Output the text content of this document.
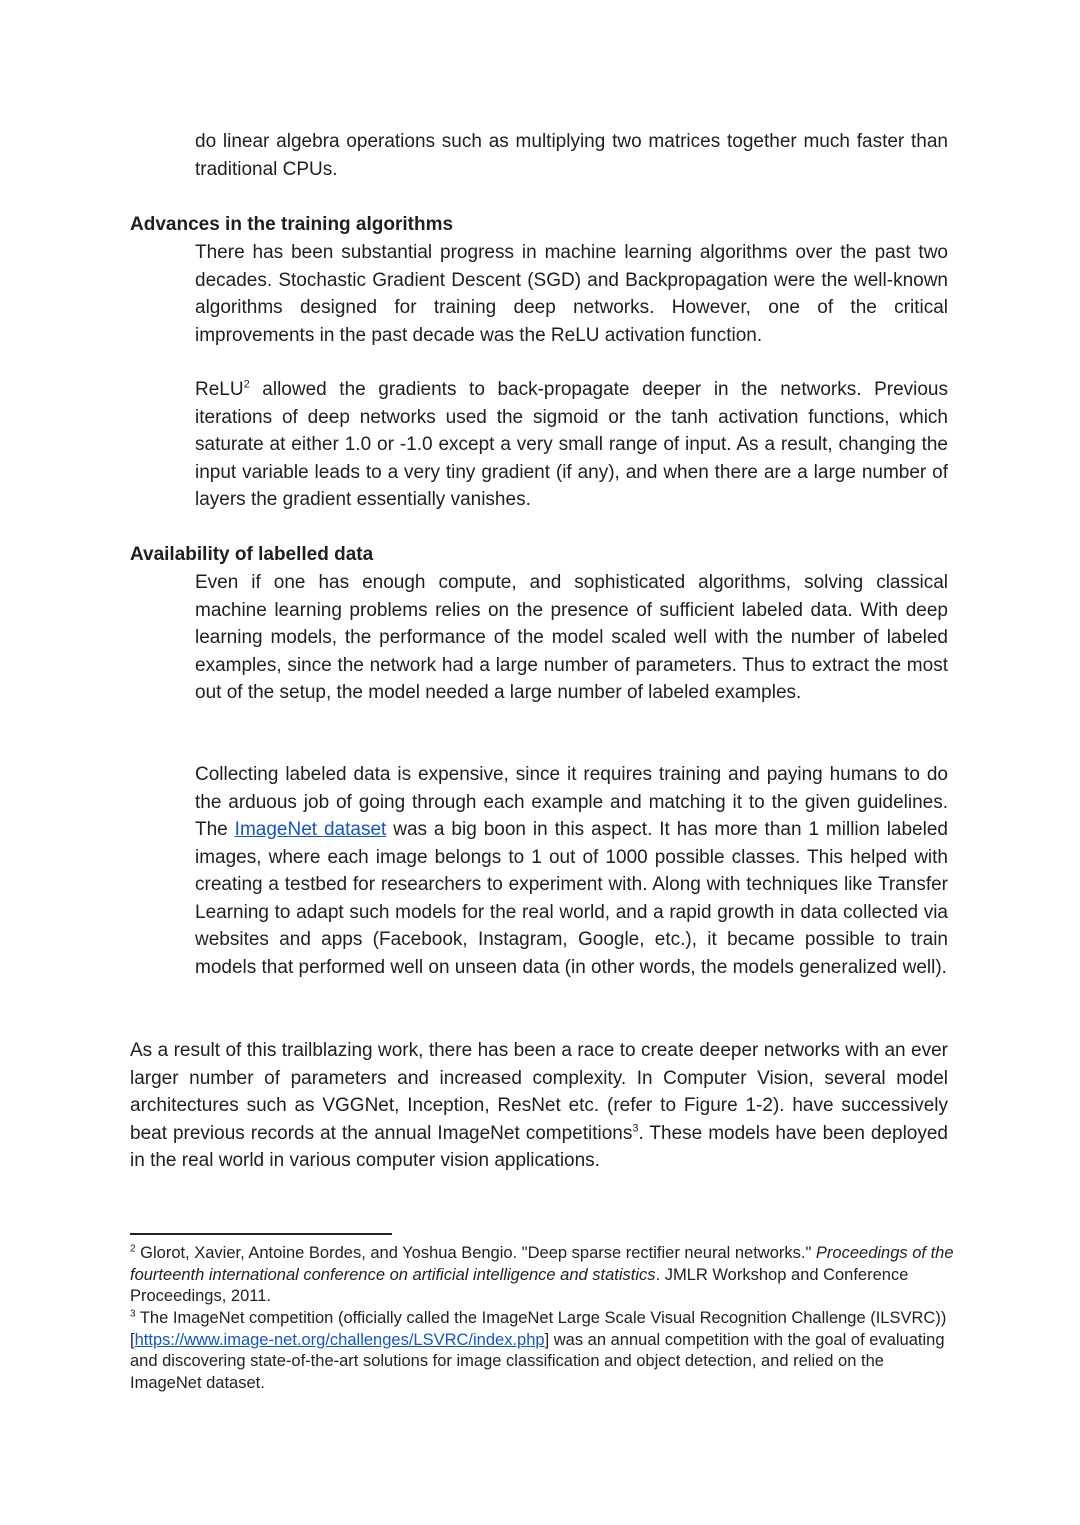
do linear algebra operations such as multiplying two matrices together much faster than traditional CPUs.

Advances in the training algorithms

There has been substantial progress in machine learning algorithms over the past two decades. Stochastic Gradient Descent (SGD) and Backpropagation were the well-known algorithms designed for training deep networks. However, one of the critical improvements in the past decade was the ReLU activation function.

ReLU$^2$ allowed the gradients to back-propagate deeper in the networks. Previous iterations of deep networks used the sigmoid or the tanh activation functions, which saturate at either 1.0 or -1.0 except a very small range of input. As a result, changing the input variable leads to a very tiny gradient (if any), and when there are a large number of layers the gradient essentially vanishes.

Availability of labelled data

Even if one has enough compute, and sophisticated algorithms, solving classical machine learning problems relies on the presence of sufficient labeled data. With deep learning models, the performance of the model scaled well with the number of labeled examples, since the network had a large number of parameters. Thus to extract the most out of the setup, the model needed a large number of labeled examples.

Collecting labeled data is expensive, since it requires training and paying humans to do the arduous job of going through each example and matching it to the given guidelines. The ImageNet dataset was a big boon in this aspect. It has more than 1 million labeled images, where each image belongs to 1 out of 1000 possible classes. This helped with creating a testbed for researchers to experiment with. Along with techniques like Transfer Learning to adapt such models for the real world, and a rapid growth in data collected via websites and apps (Facebook, Instagram, Google, etc.), it became possible to train models that performed well on unseen data (in other words, the models generalized well).

As a result of this trailblazing work, there has been a race to create deeper networks with an ever larger number of parameters and increased complexity. In Computer Vision, several model architectures such as VGGNet, Inception, ResNet etc. (refer to Figure 1-2). have successively beat previous records at the annual ImageNet competitions$^3$. These models have been deployed in the real world in various computer vision applications.

$^2$ Glorot, Xavier, Antoine Bordes, and Yoshua Bengio. "Deep sparse rectifier neural networks." Proceedings of the fourteenth international conference on artificial intelligence and statistics. JMLR Workshop and Conference Proceedings, 2011.

$^3$ The ImageNet competition (officially called the ImageNet Large Scale Visual Recognition Challenge (ILSVRC)) [https://www.image-net.org/challenges/LSVRC/index.php] was an annual competition with the goal of evaluating and discovering state-of-the-art solutions for image classification and object detection, and relied on the ImageNet dataset.
